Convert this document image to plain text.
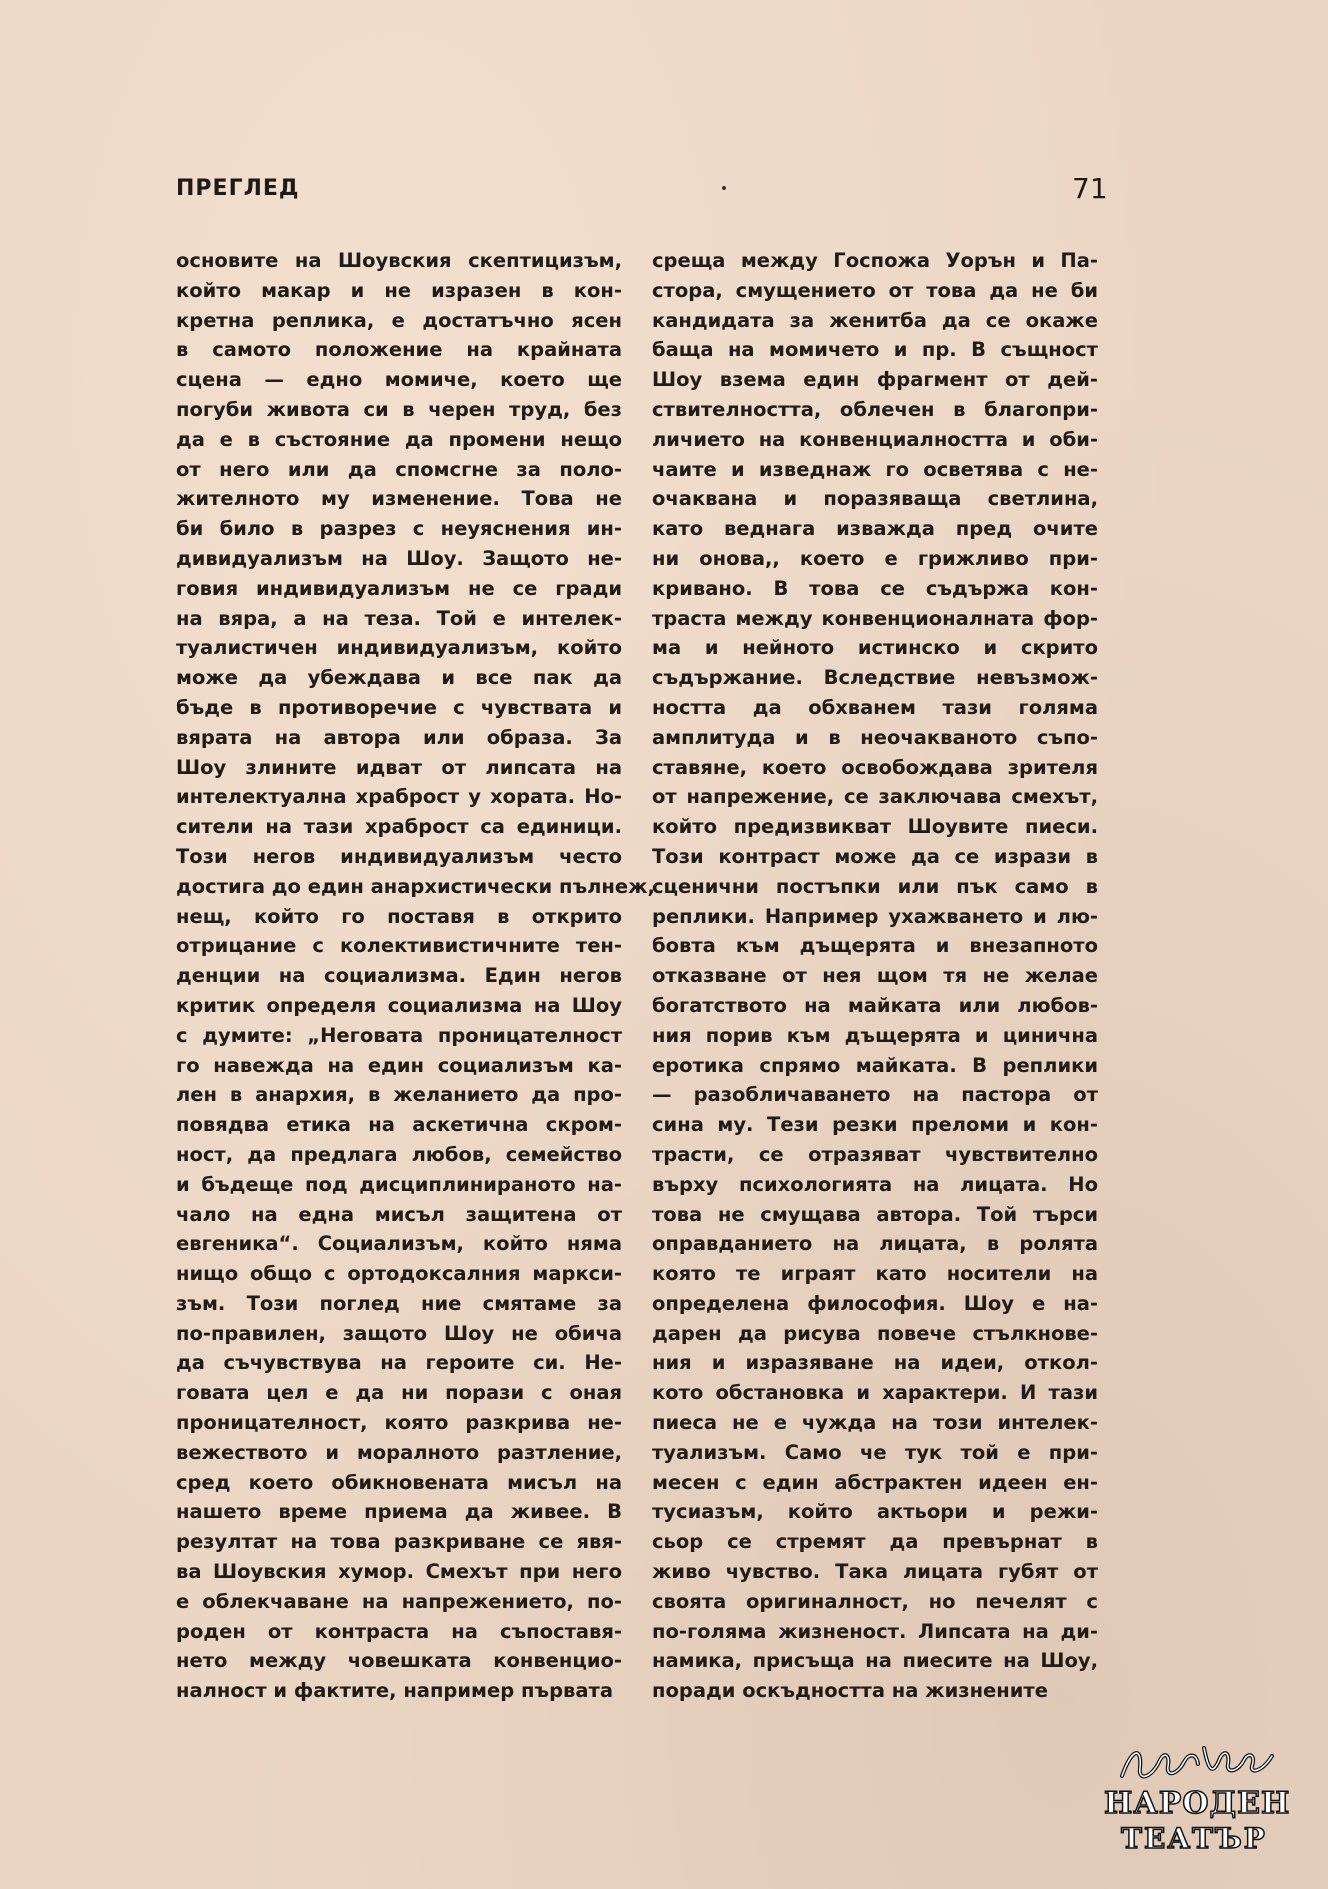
ПРЕГЛЕД	71
основите на Шоувския скептицизъм,
който макар и не изразен в кон-
кретна реплика, е достатъчно ясен
в самото положение на крайната
сцена — едно момиче, което ще
погуби живота си в черен труд, без
да е в състояние да промени нещо
от него или да спомсгне за поло-
жителното му изменение. Това не
би било в разрез с неуяснения ин-
дивидуализъм на Шоу. Защото не-
говия индивидуализъм не се гради
на вяра, а на теза. Той е интелек-
туалистичен индивидуализъм, който
може да убеждава и все пак да
бъде в противоречие с чувствата и
вярата на автора или образа. За
Шоу злините идват от липсата на
интелектуална храброст у хората. Но-
сители на тази храброст са единици.
Този негов индивидуализъм често
достига до един анархистически пълнеж,
нещ, който го поставя в открито
отрицание с колективистичните тен-
денции на социализма. Един негов
критик определя социализма на Шоу
с думите: „Неговата проницателност
го навежда на един социализъм ка-
лен в анархия, в желанието да про-
повядва етика на аскетична скром-
ност, да предлага любов, семейство
и бъдеще под дисциплинираното на-
чало на една мисъл защитена от
евгеника“. Социализъм, който няма
нищо общо с ортодоксалния маркси-
зъм. Този поглед ние смятаме за
по-правилен, защото Шоу не обича
да съчувствува на героите си. Не-
говата цел е да ни порази с оная
проницателност, която разкрива не-
вежеството и моралното разтление,
сред което обикновената мисъл на
нашето време приема да живее. В
резултат на това разкриване се явя-
ва Шоувския хумор. Смехът при него
е облекчаване на напрежението, по-
роден от контраста на съпоставя-
нето между човешката конвенцио-
налност и фактите, например първата
среща между Госпожа Уорън и Па-
стора, смущението от това да не би
кандидата за женитба да се окаже
баща на момичето и пр. В същност
Шоу взема един фрагмент от дей-
ствителността, облечен в благопри-
личието на конвенциалността и оби-
чаите и изведнаж го осветява с не-
очаквана и поразяваща светлина,
като веднага изважда пред очите
ни онова,, което е грижливо при-
кривано. В това се съдържа кон-
траста между конвенционалната фор-
ма и нейното истинско и скрито
съдържание. Вследствие невъзмож-
ността да обхванем тази голяма
амплитуда и в неочакваното съпо-
ставяне, което освобождава зрителя
от напрежение, се заключава смехът,
който предизвикват Шоувите пиеси.
Този контраст може да се изрази в
сценични постъпки или пък само в
реплики. Например ухажването и лю-
бовта към дъщерята и внезапното
отказване от нея щом тя не желае
богатството на майката или любов-
ния порив към дъщерята и цинична
еротика спрямо майката. В реплики
— разобличаването на пастора от
сина му. Тези резки преломи и кон-
трасти, се отразяват чувствително
върху психологията на лицата. Но
това не смущава автора. Той търси
оправданието на лицата, в ролята
която те играят като носители на
определена философия. Шоу е на-
дарен да рисува повече стълкнове-
ния и изразяване на идеи, откол-
кото обстановка и характери. И тази
пиеса не е чужда на този интелек-
туализъм. Само че тук той е при-
месен с един абстрактен идеен ен-
тусиазъм, който актьори и режи-
сьор се стремят да превърнат в
живо чувство. Така лицата губят от
своята оригиналност, но печелят с
по-голяма жизненост. Липсата на ди-
намика, присъща на пиесите на Шоу,
поради оскъдността на жизнените
НАРОДЕН
ТЕАТЪР
